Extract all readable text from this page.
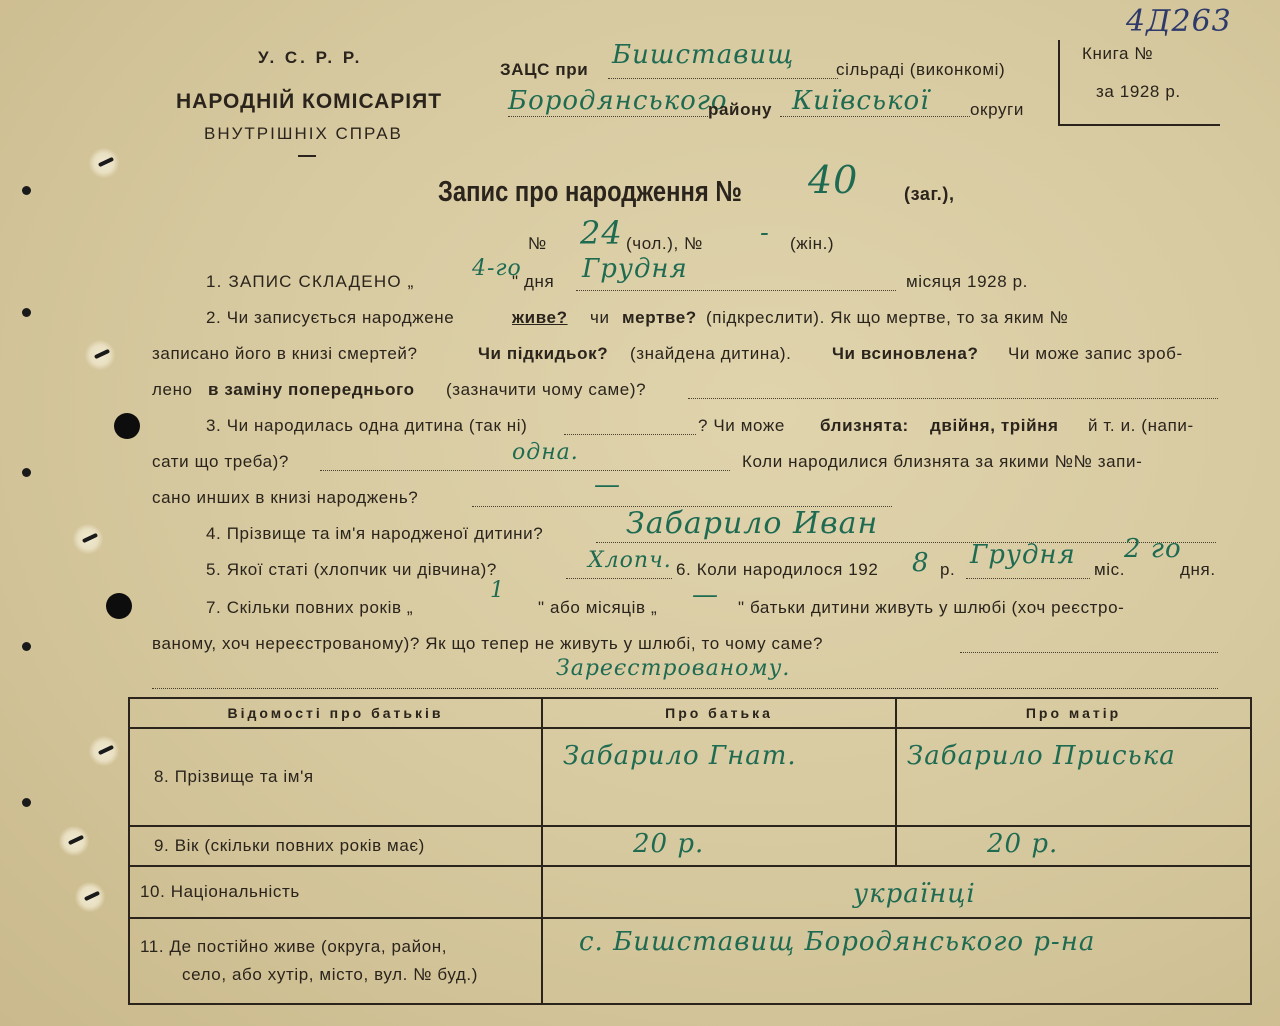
4Д263
У. С. Р. Р.
НАРОДНІЙ КОМІСАРІЯТ
ВНУТРІШНІХ СПРАВ
Книга №
за 1928 р.
ЗАЦС при Бишставищ сільраді (виконкомі)
Бородянського
району Київської округи
Запис про народження № 40	(заг.),
№ 24 (чол.), № - (жін.)
1. ЗАПИС СКЛАДЕНО „
4-го
" дня Грудня	місяця 1928 р.
2. Чи записується народжене	живе? чи мертве? (підкреслити). Як що мертве, то за яким №
записано його в книзі смертей?	Чи підкидьок? (знайдена дитина). Чи всиновлена? Чи може запис зроб-
лено в заміну попереднього (зазначити чому саме)?
3. Чи народилась одна дитина (так ні)	? Чи може близнята: двійня, трійня й т. и. (напи-
сати що треба)?	одна.	Коли народилися близнята за якими №№ запи-
сано инших в книзі народжень?	—
4. Прізвище та ім'я народженої дитини?	Забарило Иван
5. Якої статі (хлопчик чи дівчина)?	Хлопч. 6. Коли народилося 192 8 р. Грудня міс.
2 го
дня.
7. Скільки повних років „
1
" або місяців „ — " батьки дитини живуть у шлюбі (хоч реєстро-
ваному, хоч нереєстрованому)? Як що тепер не живуть у шлюбі, то чому саме?
Зареєстрованому.
Відомості про батьків	Про батька	Про матір
8. Прізвище та ім'я	Забарило Гнат.	Забарило Приська

9. Вік (скільки повних років має)	20 р.	20 р.

10. Національність	українці	

11. Де постійно живе (округа, район,
село, або хутір, місто, вул. № буд.)	с. Бишставищ Бородянського р-на	
